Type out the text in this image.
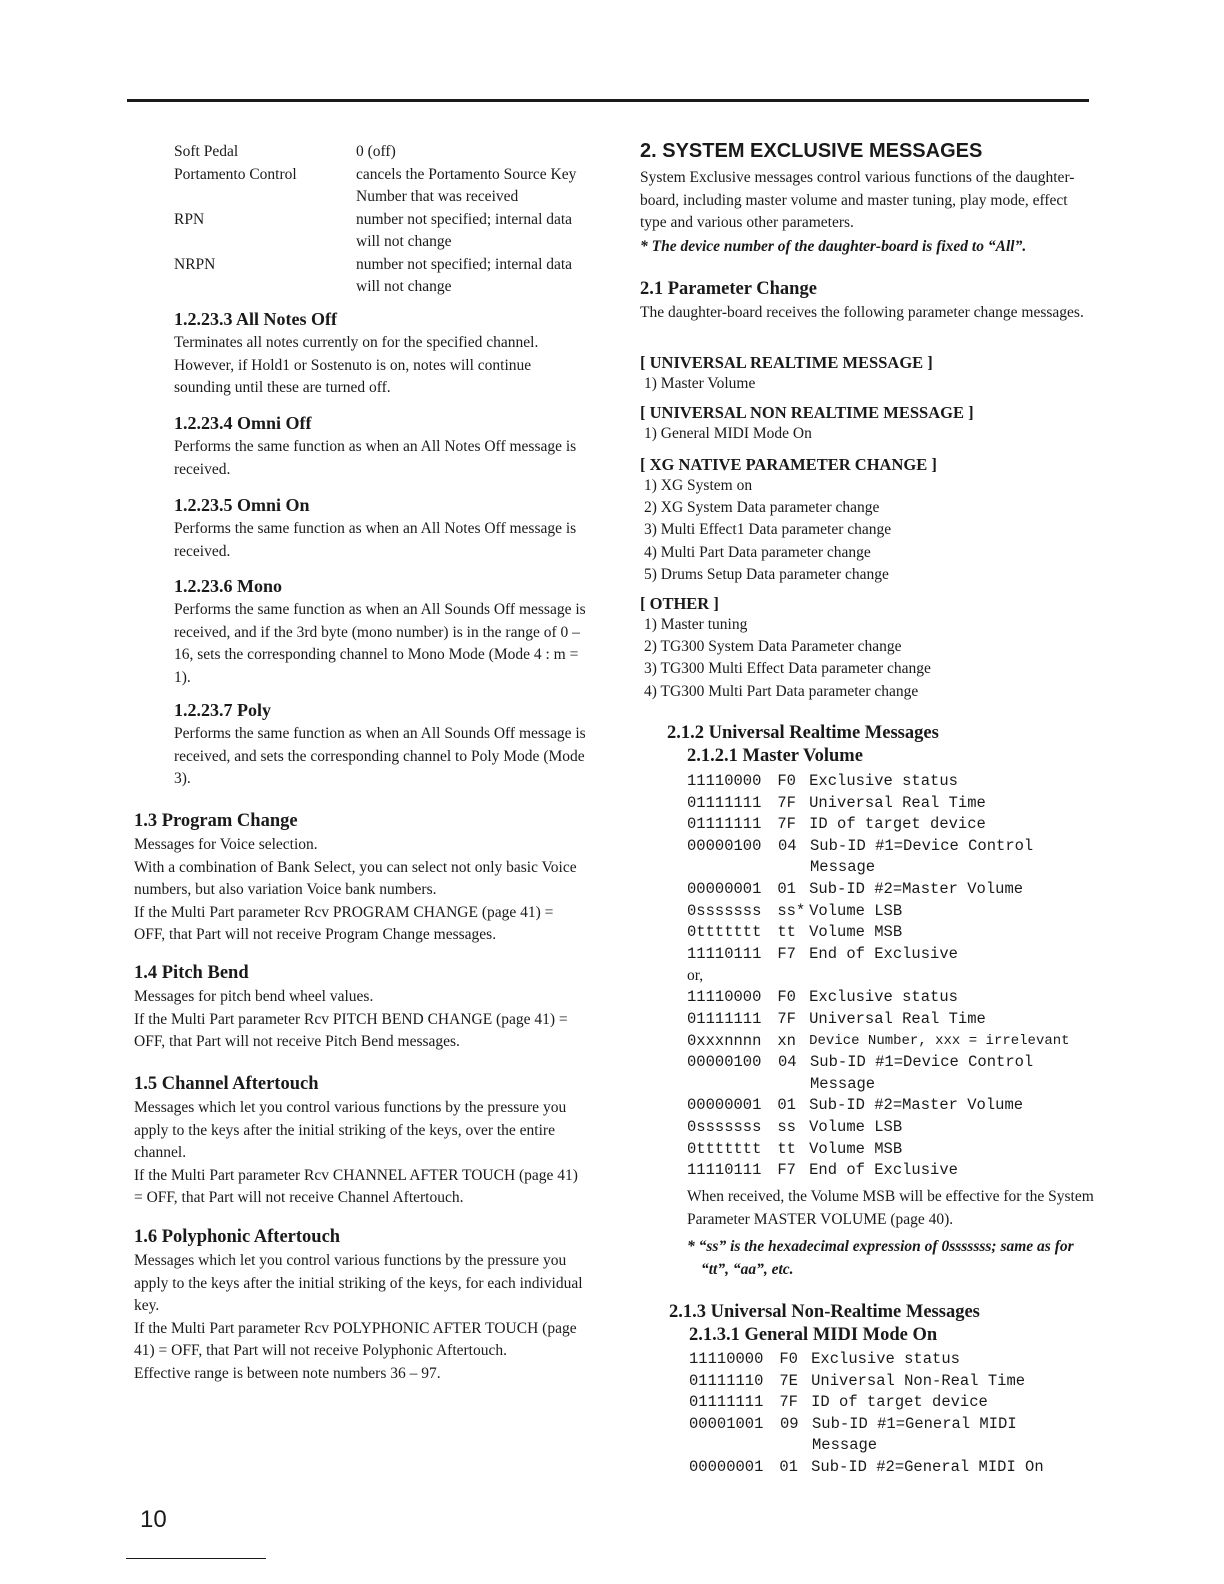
Soft Pedal	0 (off)
Portamento Control	cancels the Portamento Source Key Number that was received
RPN	number not specified; internal data will not change
NRPN	number not specified; internal data will not change

1.2.23.3 All Notes Off

Terminates all notes currently on for the specified channel. However, if Hold1 or Sostenuto is on, notes will continue sounding until these are turned off.

1.2.23.4 Omni Off

Performs the same function as when an All Notes Off message is received.

1.2.23.5 Omni On

Performs the same function as when an All Notes Off message is received.

1.2.23.6 Mono

Performs the same function as when an All Sounds Off message is received, and if the 3rd byte (mono number) is in the range of 0 – 16, sets the corresponding channel to Mono Mode (Mode 4 : m = 1).

1.2.23.7 Poly

Performs the same function as when an All Sounds Off message is received, and sets the corresponding channel to Poly Mode (Mode 3).

1.3 Program Change

Messages for Voice selection.

With a combination of Bank Select, you can select not only basic Voice numbers, but also variation Voice bank numbers.

If the Multi Part parameter Rcv PROGRAM CHANGE (page 41) = OFF, that Part will not receive Program Change messages.

1.4 Pitch Bend

Messages for pitch bend wheel values.

If the Multi Part parameter Rcv PITCH BEND CHANGE (page 41) = OFF, that Part will not receive Pitch Bend messages.

1.5 Channel Aftertouch

Messages which let you control various functions by the pressure you apply to the keys after the initial striking of the keys, over the entire channel.

If the Multi Part parameter Rcv CHANNEL AFTER TOUCH (page 41) = OFF, that Part will not receive Channel Aftertouch.

1.6 Polyphonic Aftertouch

Messages which let you control various functions by the pressure you apply to the keys after the initial striking of the keys, for each individual key.

If the Multi Part parameter Rcv POLYPHONIC AFTER TOUCH (page 41) = OFF, that Part will not receive Polyphonic Aftertouch.

Effective range is between note numbers 36 – 97.

2. SYSTEM EXCLUSIVE MESSAGES

System Exclusive messages control various functions of the daughter-board, including master volume and master tuning, play mode, effect type and various other parameters.

* The device number of the daughter-board is fixed to “All”.

2.1 Parameter Change

The daughter-board receives the following parameter change messages.

[ UNIVERSAL REALTIME MESSAGE ]

1) Master Volume

[ UNIVERSAL NON REALTIME MESSAGE ]

1) General MIDI Mode On

[ XG NATIVE PARAMETER CHANGE ]

1) XG System on
2) XG System Data parameter change
3) Multi Effect1 Data parameter change
4) Multi Part Data parameter change
5) Drums Setup Data parameter change

[ OTHER ]

1) Master tuning
2) TG300 System Data Parameter change
3) TG300 Multi Effect Data parameter change
4) TG300 Multi Part Data parameter change

2.1.2 Universal Realtime Messages

2.1.2.1 Master Volume

11110000	F0 Exclusive status
01111111	7F Universal Real Time
01111111	7F ID of target device
00000100	04 Sub-ID #1=Device Control Message
00000001	01 Sub-ID #2=Master Volume
0sssssss	ss* Volume LSB
0ttttttt	tt Volume MSB
11110111	F7 End of Exclusive
or,
11110000	F0 Exclusive status
01111111	7F Universal Real Time
0xxxnnnn	xn Device Number, xxx = irrelevant
00000100	04 Sub-ID #1=Device Control Message
00000001	01 Sub-ID #2=Master Volume
0sssssss	ss Volume LSB
0ttttttt	tt Volume MSB
11110111	F7 End of Exclusive

When received, the Volume MSB will be effective for the System Parameter MASTER VOLUME (page 40).

* “ss” is the hexadecimal expression of 0sssssss; same as for “tt”, “aa”, etc.

2.1.3 Universal Non-Realtime Messages

2.1.3.1 General MIDI Mode On

11110000	F0 Exclusive status
01111110	7E Universal Non-Real Time
01111111	7F ID of target device
00001001	09 Sub-ID #1=General MIDI Message
00000001	01 Sub-ID #2=General MIDI On
10
